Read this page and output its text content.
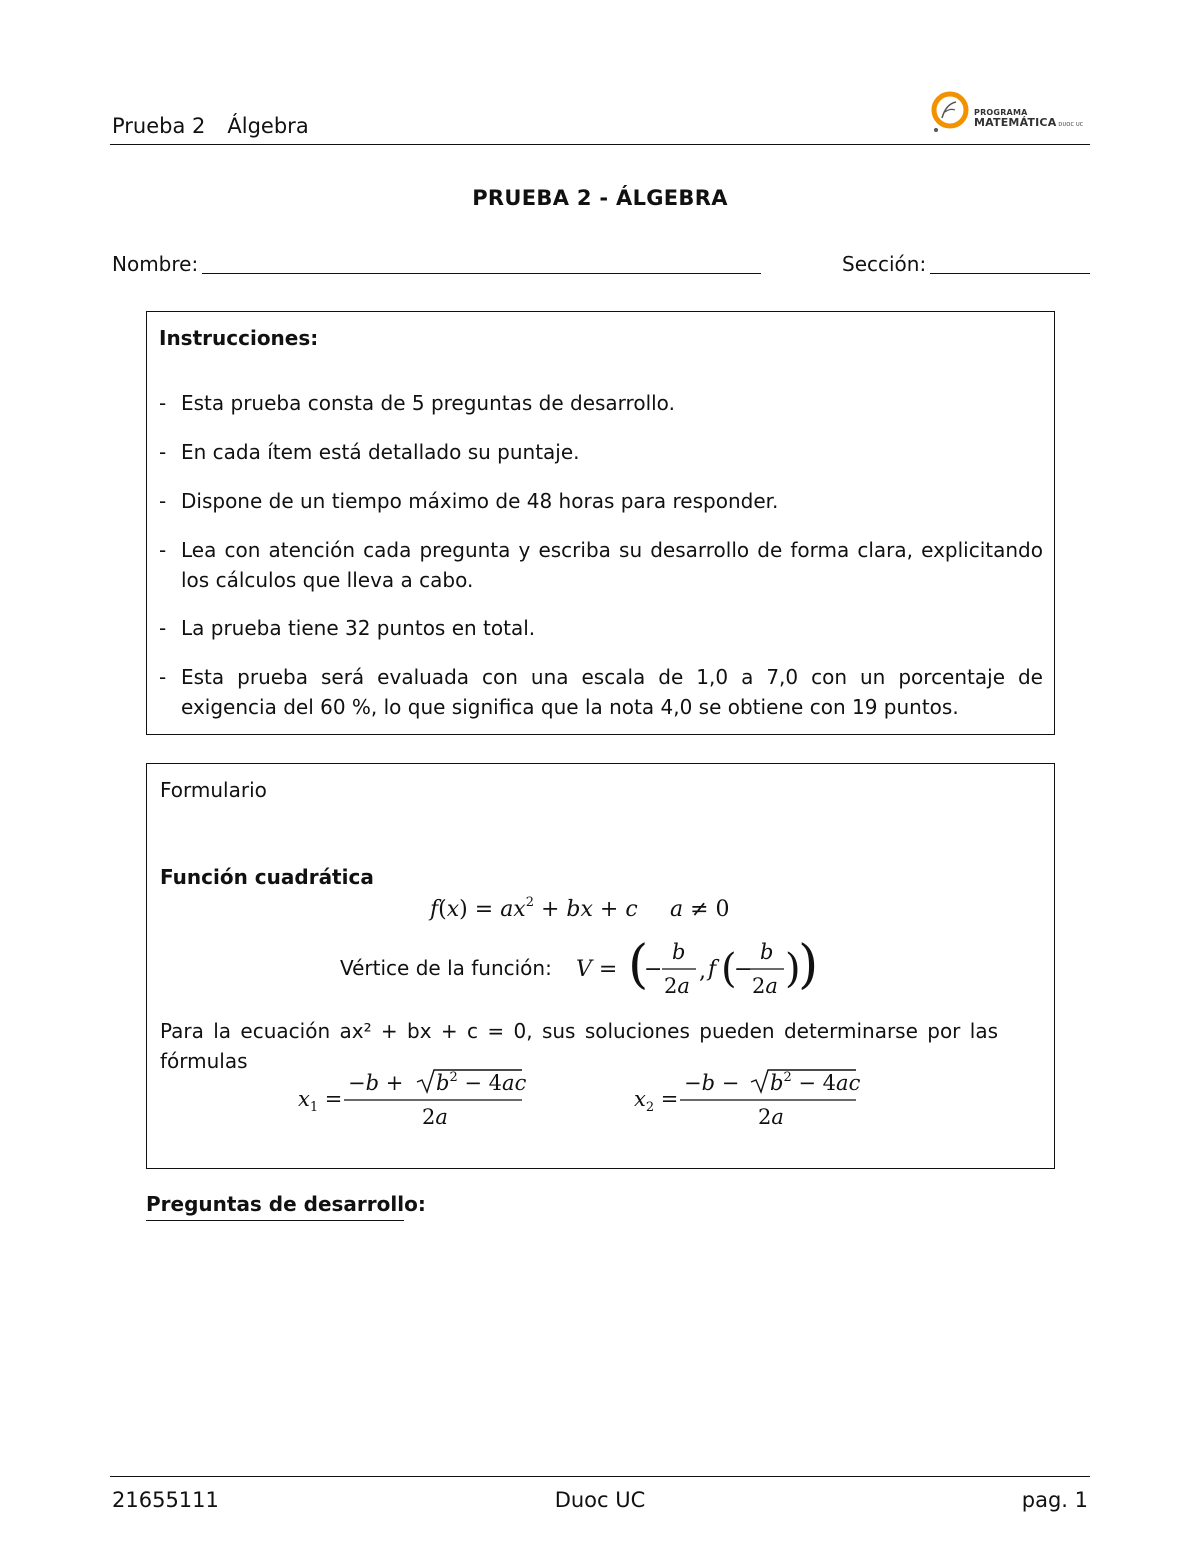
Prueba 2 Álgebra
PROGRAMA
MATEMÁTICA DUOC UC
PRUEBA 2 - ÁLGEBRA
Nombre:	Sección:
Instrucciones:
- Esta prueba consta de 5 preguntas de desarrollo.
- En cada ítem está detallado su puntaje.
- Dispone de un tiempo máximo de 48 horas para responder.
- Lea con atención cada pregunta y escriba su desarrollo de forma clara, explicitando los cálculos que lleva a cabo.
- La prueba tiene 32 puntos en total.
- Esta prueba será evaluada con una escala de 1,0 a 7,0 con un porcentaje de exigencia del 60 %, lo que significa que la nota 4,0 se obtiene con 19 puntos.
Formulario
Función cuadrática
$f(x) = ax^2$ + bx + c a ≠ 0
Vértice de la función: V = (
−
b
2a
, f (
−
b
2a )
)
Para la ecuación ax² + bx + c = 0, sus soluciones pueden determinarse por las fórmulas
$x_1$ =
$-b + b^2 - 4ac$
2a
$x_2$ =
$-b - b^2 - 4ac$
2a
Preguntas de desarrollo:
21655111	Duoc UC	pag. 1
